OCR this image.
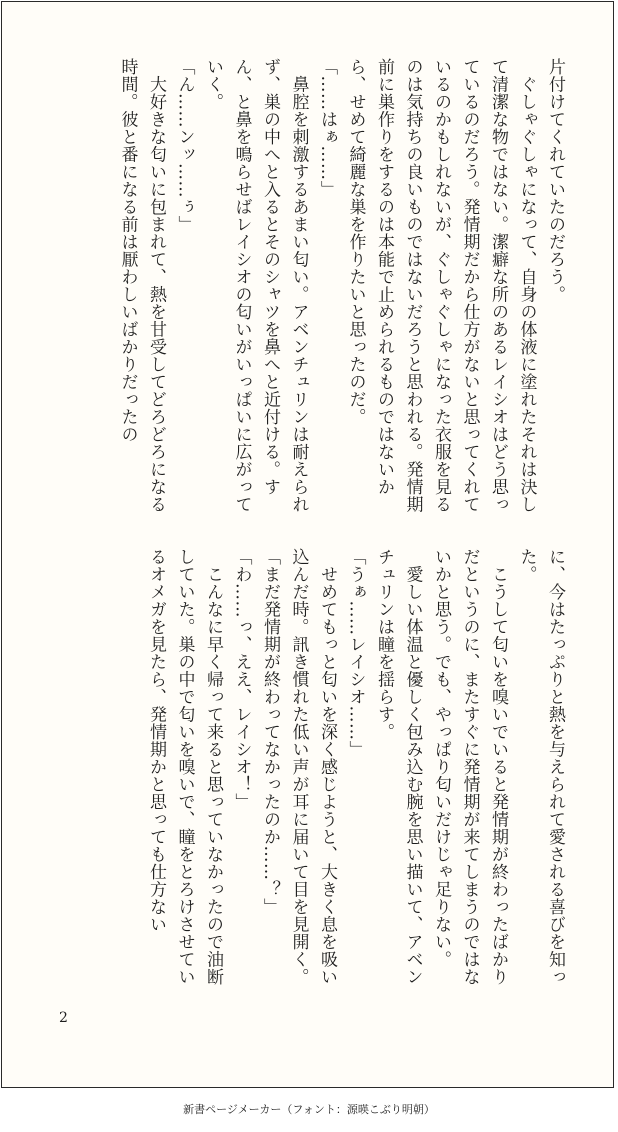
片付けてくれていたのだろう。

　ぐしゃぐしゃになって、自身の体液に塗れたそれは決して清潔な物ではない。潔癖な所のあるレイシオはどう思っているのだろう。発情期だから仕方がないと思ってくれているのかもしれないが、ぐしゃぐしゃになった衣服を見るのは気持ちの良いものではないだろうと思われる。発情期前に巣作りをするのは本能で止められるものではないから、せめて綺麗な巣を作りたいと思ったのだ。

「……はぁ……」

　鼻腔を刺激するあまい匂い。アベンチュリンは耐えられず、巣の中へと入るとそのシャツを鼻へと近付ける。すん、と鼻を鳴らせばレイシオの匂いがいっぱいに広がっていく。

「ん……ンッ……ぅ」

　大好きな匂いに包まれて、熱を甘受してどろどろになる時間。彼と番になる前は厭わしいばかりだったの

に、今はたっぷりと熱を与えられて愛される喜びを知った。

　こうして匂いを嗅いでいると発情期が終わったばかりだというのに、またすぐに発情期が来てしまうのではないかと思う。でも、やっぱり匂いだけじゃ足りない。

　愛しい体温と優しく包み込む腕を思い描いて、アベンチュリンは瞳を揺らす。

「うぁ……レイシオ……」

　せめてもっと匂いを深く感じようと、大きく息を吸い込んだ時。訊き慣れた低い声が耳に届いて目を見開く。

「まだ発情期が終わってなかったのか……？」

「わ……っ、ええ、レイシオ！」

　こんなに早く帰って来ると思っていなかったので油断していた。巣の中で匂いを嗅いで、瞳をとろけさせているオメガを見たら、発情期かと思っても仕方ない

2
新書ページメーカー（フォント：源暎こぶり明朝）
